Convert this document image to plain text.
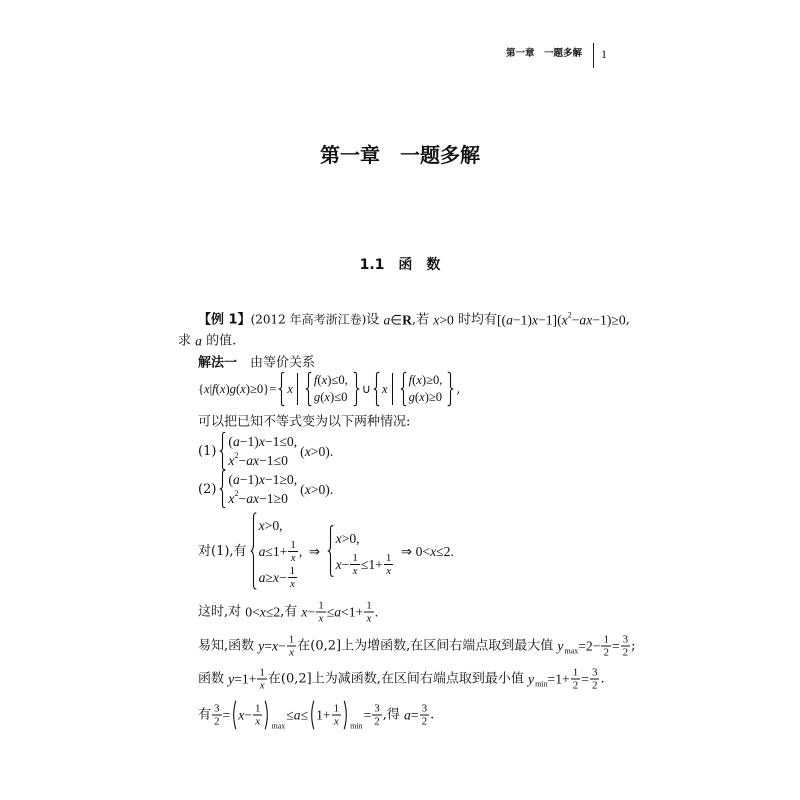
第一章　一题多解 1
第一章　一题多解
1.1　函　数
【例 1】 (2012 年高考浙江卷) 设 a∈R ,若 x>0 时均有 [(a−1)x−1](x 2 −ax−1)≥0 ,
求 a 的值.
解法一 　由等价关系
{x|f(x)g(x)≥0}= x
f(x)≤0,
g(x)≤0
∪ x
f(x)≥0,
g(x)≥0
,
可以把已知不等式变为以下两种情况:
(1)
(a−1)x−1≤0,
x 2 −ax−1≤0
(x>0).
(2)
(a−1)x−1≥0,
x 2 −ax−1≥0
(x>0).
对(1),有
x>0,
$a\le 1+ \frac{1}{x}$ ,
$a\ge x- \frac{1}{x}$
⇒
x>0,
$x- \frac{1}{x} \le 1+ \frac{1}{x}$
⇒ 0<x≤2.
这时,对 0<x≤2 ,有 $x- \frac{1}{x} \le a<1+ \frac{1}{x}$ .
易知,函数 $y=x- \frac{1}{x}$ 在(0,2]上为增函数,在区间右端点取到最大值 y $\max =2- \frac{1}{2} = \frac{3}{2}$ ;
函数 $y=1+ \frac{1}{x}$ 在(0,2]上为减函数,在区间右端点取到最小值 y $\min =1+ \frac{1}{2} = \frac{3}{2}$ .
有 $\frac{3}{2} = x- \frac{1}{x}$ max
$\le a\le 1+ \frac{1}{x}$ min
= $\frac{3}{2}$ ,得 $a= \frac{3}{2}$ .
